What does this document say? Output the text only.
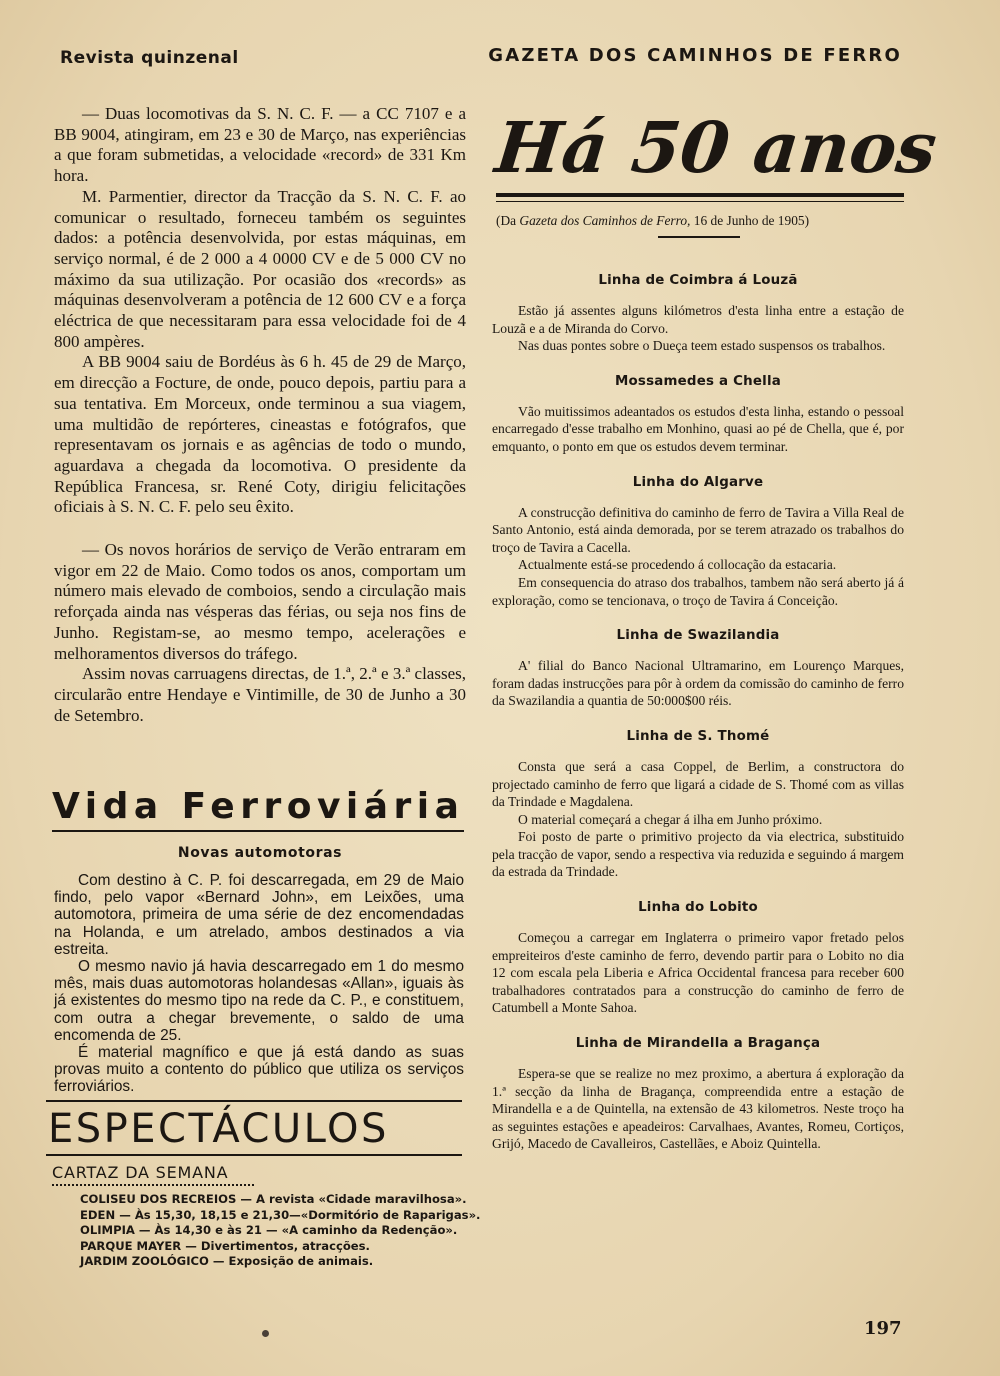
Revista quinzenal	GAZETA DOS CAMINHOS DE FERRO

— Duas locomotivas da S. N. C. F. — a CC 7107 e a BB 9004, atingiram, em 23 e 30 de Março, nas experiências a que foram submetidas, a velocidade «record» de 331 Km hora.

M. Parmentier, director da Tracção da S. N. C. F. ao comunicar o resultado, forneceu também os seguintes dados: a potência desenvolvida, por estas máquinas, em serviço normal, é de 2 000 a 4 0000 CV e de 5 000 CV no máximo da sua utilização. Por ocasião dos «records» as máquinas desenvolveram a potência de 12 600 CV e a força eléctrica de que necessitaram para essa velocidade foi de 4 800 ampères.

A BB 9004 saiu de Bordéus às 6 h. 45 de 29 de Março, em direcção a Focture, de onde, pouco depois, partiu para a sua tentativa. Em Morceux, onde terminou a sua viagem, uma multidão de repórteres, cineastas e fotógrafos, que representavam os jornais e as agências de todo o mundo, aguardava a chegada da locomotiva. O presidente da República Francesa, sr. René Coty, dirigiu felicitações oficiais à S. N. C. F. pelo seu êxito.

— Os novos horários de serviço de Verão entraram em vigor em 22 de Maio. Como todos os anos, comportam um número mais elevado de comboios, sendo a circulação mais reforçada ainda nas vésperas das férias, ou seja nos fins de Junho. Registam-se, ao mesmo tempo, acelerações e melhoramentos diversos do tráfego.

Assim novas carruagens directas, de 1.ª, 2.ª e 3.ª classes, circularão entre Hendaye e Vintimille, de 30 de Junho a 30 de Setembro.

Vida Ferroviária
Novas automotoras

Com destino à C. P. foi descarregada, em 29 de Maio findo, pelo vapor «Bernard John», em Leixões, uma automotora, primeira de uma série de dez encomendadas na Holanda, e um atrelado, ambos destinados a via estreita.

O mesmo navio já havia descarregado em 1 do mesmo mês, mais duas automotoras holandesas «Allan», iguais às já existentes do mesmo tipo na rede da C. P., e constituem, com outra a chegar brevemente, o saldo de uma encomenda de 25.

É material magnífico e que já está dando as suas provas muito a contento do público que utiliza os serviços ferroviários.

ESPECTÁCULOS
CARTAZ DA SEMANA
COLISEU DOS RECREIOS — A revista «Cidade maravilhosa».
EDEN — Às 15,30, 18,15 e 21,30—«Dormitório de Raparigas».
OLIMPIA — Às 14,30 e às 21 — «A caminho da Redenção».
PARQUE MAYER — Divertimentos, atracções.
JARDIM ZOOLÓGICO — Exposição de animais.
Há 50 anos
(Da Gazeta dos Caminhos de Ferro, 16 de Junho de 1905)
Linha de Coimbra á Louzã

Estão já assentes alguns kilómetros d'esta linha entre a estação de Louzã e a de Miranda do Corvo.

Nas duas pontes sobre o Dueça teem estado suspensos os trabalhos.

Mossamedes a Chella

Vão muitissimos adeantados os estudos d'esta linha, estando o pessoal encarregado d'esse trabalho em Monhino, quasi ao pé de Chella, que é, por emquanto, o ponto em que os estudos devem terminar.

Linha do Algarve

A construcção definitiva do caminho de ferro de Tavira a Villa Real de Santo Antonio, está ainda demorada, por se terem atrazado os trabalhos do troço de Tavira a Cacella.

Actualmente está-se procedendo á collocação da estacaria.

Em consequencia do atraso dos trabalhos, tambem não será aberto já á exploração, como se tencionava, o troço de Tavira á Conceição.

Linha de Swazilandia

A' filial do Banco Nacional Ultramarino, em Lourenço Marques, foram dadas instrucções para pôr à ordem da comissão do caminho de ferro da Swazilandia a quantia de 50:000$00 réis.

Linha de S. Thomé

Consta que será a casa Coppel, de Berlim, a constructora do projectado caminho de ferro que ligará a cidade de S. Thomé com as villas da Trindade e Magdalena.

O material começará a chegar á ilha em Junho próximo.

Foi posto de parte o primitivo projecto da via electrica, substituido pela tracção de vapor, sendo a respectiva via reduzida e seguindo á margem da estrada da Trindade.

Linha do Lobito

Começou a carregar em Inglaterra o primeiro vapor fretado pelos empreiteiros d'este caminho de ferro, devendo partir para o Lobito no dia 12 com escala pela Liberia e Africa Occidental francesa para receber 600 trabalhadores contratados para a construcção do caminho de ferro de Catumbell a Monte Sahoa.

Linha de Mirandella a Bragança

Espera-se que se realize no mez proximo, a abertura á exploração da 1.ª secção da linha de Bragança, compreendida entre a estação de Mirandella e a de Quintella, na extensão de 43 kilometros. Neste troço ha as seguintes estações e apeadeiros: Carvalhaes, Avantes, Romeu, Cortiços, Grijó, Macedo de Cavalleiros, Castellães, e Aboiz Quintella.

197
